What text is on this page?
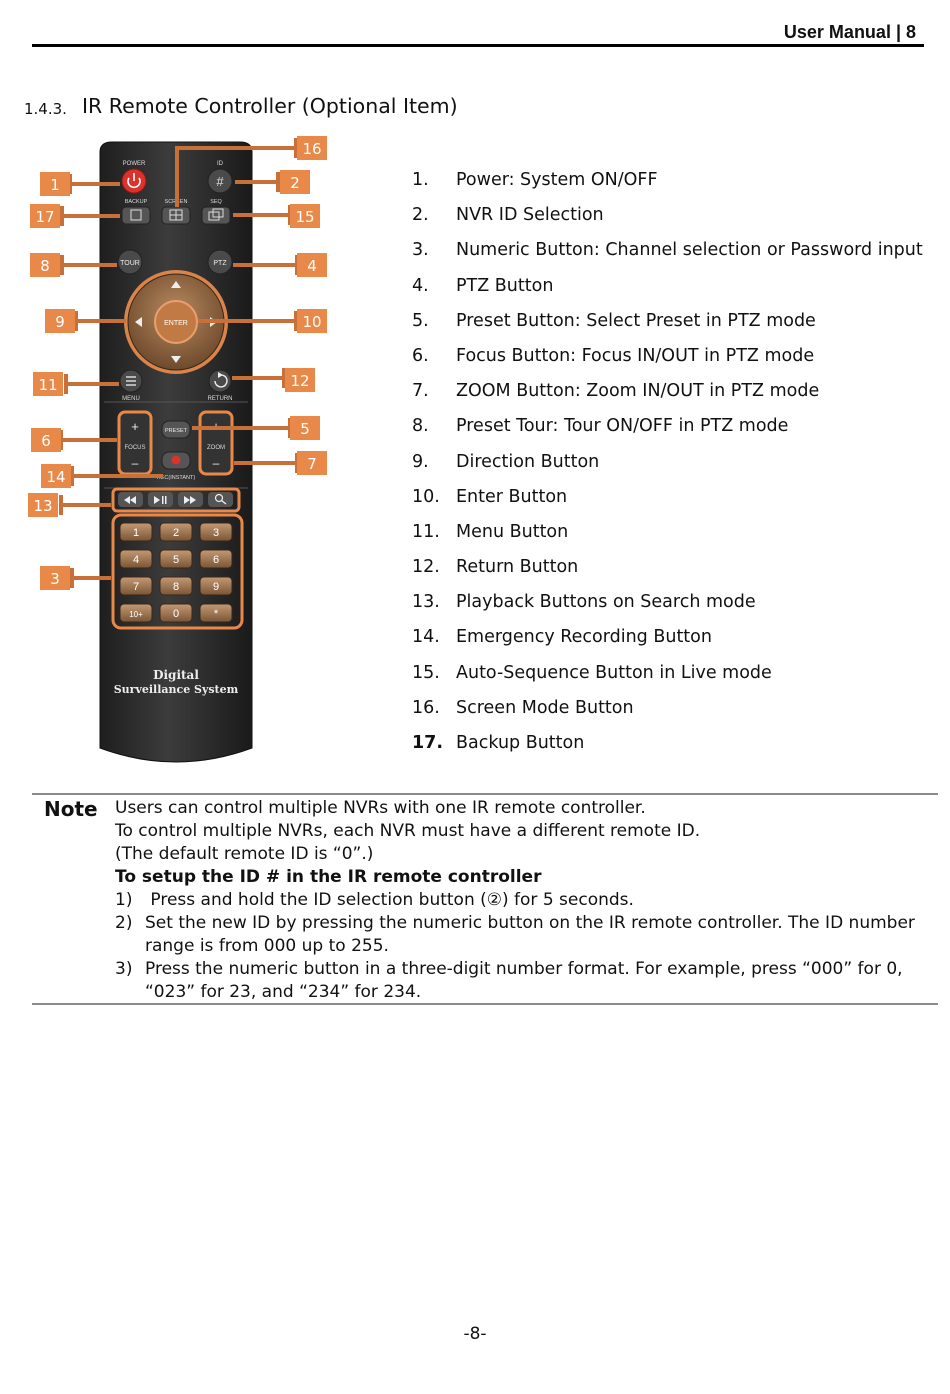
User Manual | 8
1.4.3. IR Remote Controller (Optional Item)
POWER	ID
#
BACKUP	SCREEN	SEQ
TOUR	PTZ
ENTER
MENU	RETURN
+
FOCUS
–
+
ZOOM
–
PRESET
REC(INSTANT)
1	2	3
4	5	6
7	8	9
10+	0	*
Digital
Surveillance System
16
1	2
17	15
8	4
9	10
11	12
6
5
14
7
13
3
1. Power: System ON/OFF
2. NVR ID Selection
3. Numeric Button: Channel selection or Password input
4. PTZ Button
5. Preset Button: Select Preset in PTZ mode
6. Focus Button: Focus IN/OUT in PTZ mode
7. ZOOM Button: Zoom IN/OUT in PTZ mode
8. Preset Tour: Tour ON/OFF in PTZ mode
9. Direction Button
10. Enter Button
11. Menu Button
12. Return Button
13. Playback Buttons on Search mode
14. Emergency Recording Button
15. Auto-Sequence Button in Live mode
16. Screen Mode Button
17. Backup Button
Note Users can control multiple NVRs with one IR remote controller.
To control multiple NVRs, each NVR must have a different remote ID.
(The default remote ID is “0”.)
To setup the ID # in the IR remote controller
1) Press and hold the ID selection button (②) for 5 seconds.
2) Set the new ID by pressing the numeric button on the IR remote controller. The ID number range is from 000 up to 255.
3) Press the numeric button in a three-digit number format. For example, press “000” for 0, “023” for 23, and “234” for 234.
-8-
